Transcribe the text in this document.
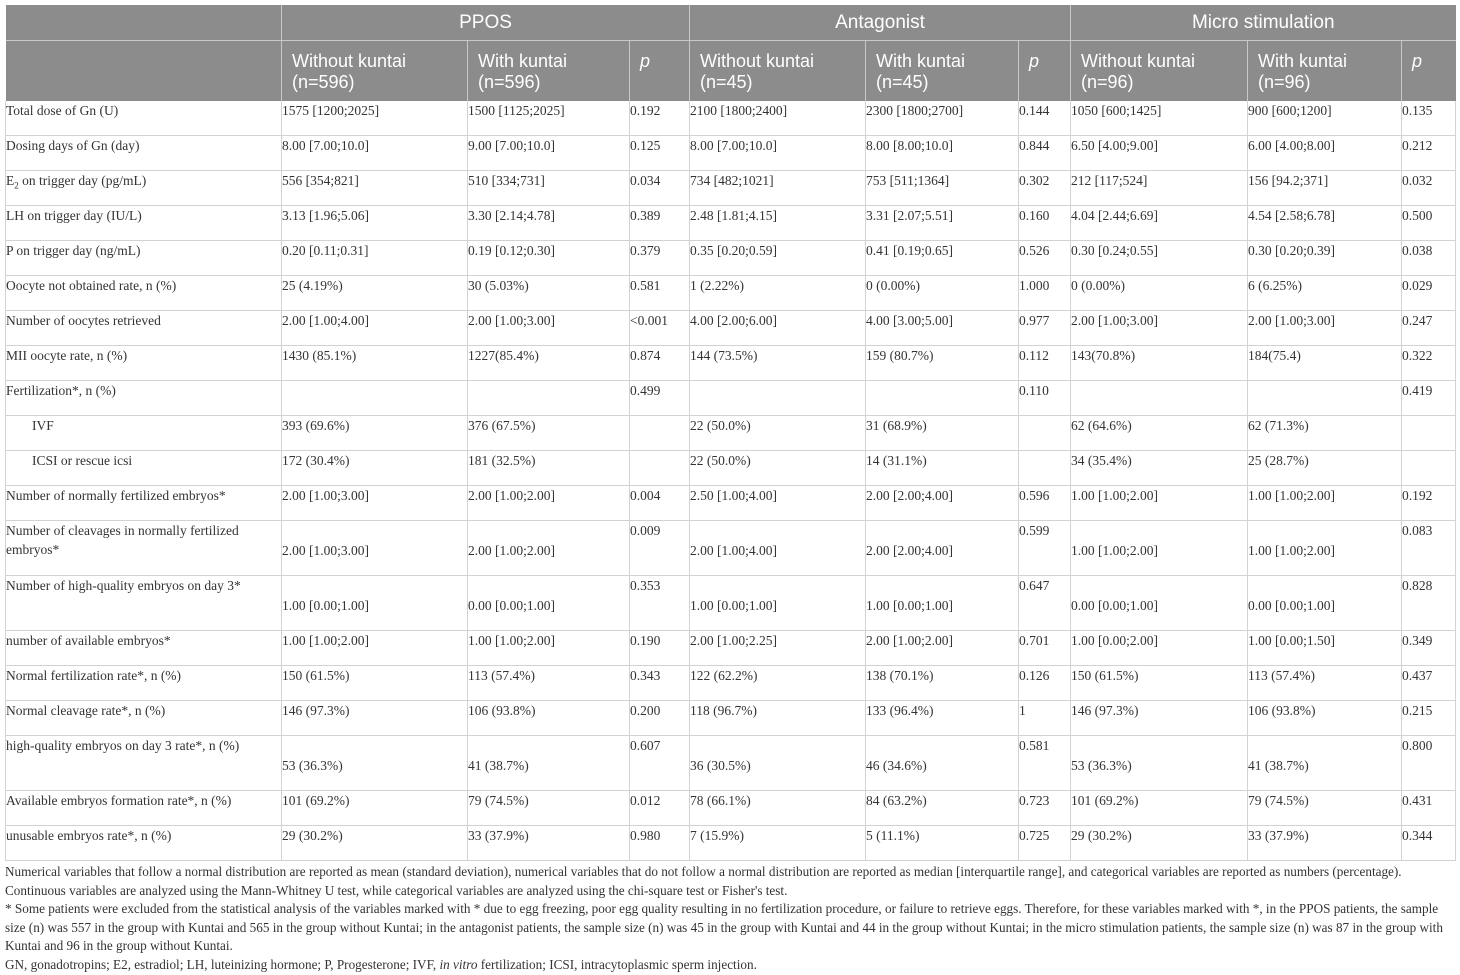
	PPOS			Antagonist			Micro stimulation		
	Without kuntai (n=596)	With kuntai (n=596)	p	Without kuntai (n=45)	With kuntai (n=45)	p	Without kuntai (n=96)	With kuntai (n=96)	p
Total dose of Gn (U)	1575 [1200;2025]	1500 [1125;2025]	0.192	2100 [1800;2400]	2300 [1800;2700]	0.144	1050 [600;1425]	900 [600;1200]	0.135
Dosing days of Gn (day)	8.00 [7.00;10.0]	9.00 [7.00;10.0]	0.125	8.00 [7.00;10.0]	8.00 [8.00;10.0]	0.844	6.50 [4.00;9.00]	6.00 [4.00;8.00]	0.212
$E_2$ on trigger day (pg/mL)	556 [354;821]	510 [334;731]	0.034	734 [482;1021]	753 [511;1364]	0.302	212 [117;524]	156 [94.2;371]	0.032
LH on trigger day (IU/L)	3.13 [1.96;5.06]	3.30 [2.14;4.78]	0.389	2.48 [1.81;4.15]	3.31 [2.07;5.51]	0.160	4.04 [2.44;6.69]	4.54 [2.58;6.78]	0.500
P on trigger day (ng/mL)	0.20 [0.11;0.31]	0.19 [0.12;0.30]	0.379	0.35 [0.20;0.59]	0.41 [0.19;0.65]	0.526	0.30 [0.24;0.55]	0.30 [0.20;0.39]	0.038
Oocyte not obtained rate, n (%)	25 (4.19%)	30 (5.03%)	0.581	1 (2.22%)	0 (0.00%)	1.000	0 (0.00%)	6 (6.25%)	0.029
Number of oocytes retrieved	2.00 [1.00;4.00]	2.00 [1.00;3.00]	<0.001	4.00 [2.00;6.00]	4.00 [3.00;5.00]	0.977	2.00 [1.00;3.00]	2.00 [1.00;3.00]	0.247
MII oocyte rate, n (%)	1430 (85.1%)	1227(85.4%)	0.874	144 (73.5%)	159 (80.7%)	0.112	143(70.8%)	184(75.4)	0.322
Fertilization*, n (%)			0.499			0.110			0.419
IVF	393 (69.6%)	376 (67.5%)		22 (50.0%)	31 (68.9%)		62 (64.6%)	62 (71.3%)	
ICSI or rescue icsi	172 (30.4%)	181 (32.5%)		22 (50.0%)	14 (31.1%)		34 (35.4%)	25 (28.7%)	
Number of normally fertilized embryos*	2.00 [1.00;3.00]	2.00 [1.00;2.00]	0.004	2.50 [1.00;4.00]	2.00 [2.00;4.00]	0.596	1.00 [1.00;2.00]	1.00 [1.00;2.00]	0.192
Number of cleavages in normally fertilized embryos*	2.00 [1.00;3.00]	2.00 [1.00;2.00]	0.009	2.00 [1.00;4.00]	2.00 [2.00;4.00]	0.599	1.00 [1.00;2.00]	1.00 [1.00;2.00]	0.083
Number of high-quality embryos on day 3*	1.00 [0.00;1.00]	0.00 [0.00;1.00]	0.353	1.00 [0.00;1.00]	1.00 [0.00;1.00]	0.647	0.00 [0.00;1.00]	0.00 [0.00;1.00]	0.828
number of available embryos*	1.00 [1.00;2.00]	1.00 [1.00;2.00]	0.190	2.00 [1.00;2.25]	2.00 [1.00;2.00]	0.701	1.00 [0.00;2.00]	1.00 [0.00;1.50]	0.349
Normal fertilization rate*, n (%)	150 (61.5%)	113 (57.4%)	0.343	122 (62.2%)	138 (70.1%)	0.126	150 (61.5%)	113 (57.4%)	0.437
Normal cleavage rate*, n (%)	146 (97.3%)	106 (93.8%)	0.200	118 (96.7%)	133 (96.4%)	1	146 (97.3%)	106 (93.8%)	0.215
high-quality embryos on day 3 rate*, n (%)	53 (36.3%)	41 (38.7%)	0.607	36 (30.5%)	46 (34.6%)	0.581	53 (36.3%)	41 (38.7%)	0.800
Available embryos formation rate*, n (%)	101 (69.2%)	79 (74.5%)	0.012	78 (66.1%)	84 (63.2%)	0.723	101 (69.2%)	79 (74.5%)	0.431
unusable embryos rate*, n (%)	29 (30.2%)	33 (37.9%)	0.980	7 (15.9%)	5 (11.1%)	0.725	29 (30.2%)	33 (37.9%)	0.344

Numerical variables that follow a normal distribution are reported as mean (standard deviation), numerical variables that do not follow a normal distribution are reported as median [interquartile range], and categorical variables are reported as numbers (percentage). Continuous variables are analyzed using the Mann-Whitney U test, while categorical variables are analyzed using the chi-square test or Fisher's test.

* Some patients were excluded from the statistical analysis of the variables marked with * due to egg freezing, poor egg quality resulting in no fertilization procedure, or failure to retrieve eggs. Therefore, for these variables marked with *, in the PPOS patients, the sample size (n) was 557 in the group with Kuntai and 565 in the group without Kuntai; in the antagonist patients, the sample size (n) was 45 in the group with Kuntai and 44 in the group without Kuntai; in the micro stimulation patients, the sample size (n) was 87 in the group with Kuntai and 96 in the group without Kuntai.

GN, gonadotropins; E2, estradiol; LH, luteinizing hormone; P, Progesterone; IVF, in vitro fertilization; ICSI, intracytoplasmic sperm injection.
